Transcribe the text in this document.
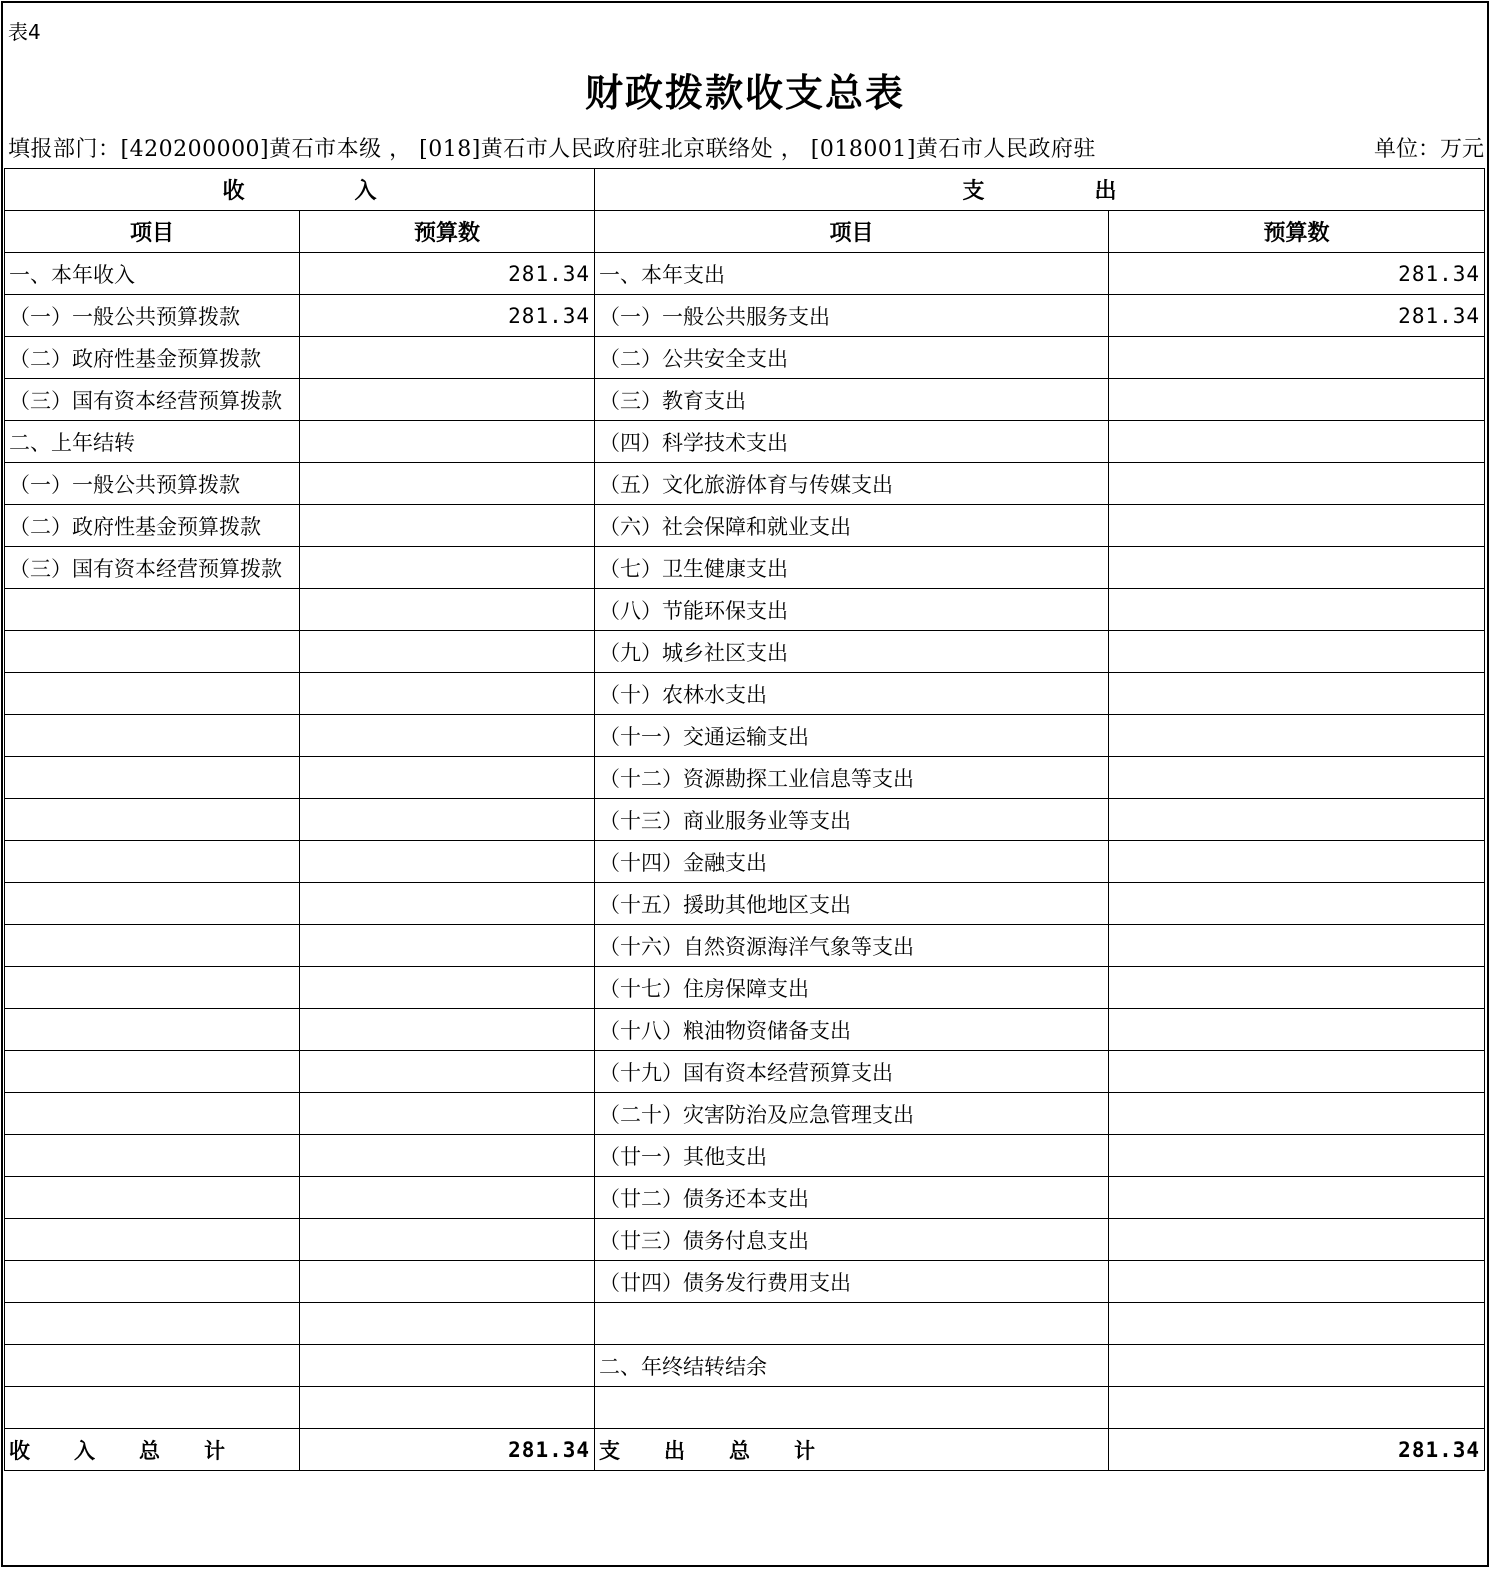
表4
财政拨款收支总表
填报部门：[420200000]黄石市本级 ， [018]黄石市人民政府驻北京联络处 ， [018001]黄石市人民政府驻	单位：万元
收　　　　　入		支　　　　　出	
项目	预算数	项目	预算数
一、本年收入	281.34	一、本年支出	281.34
（一）一般公共预算拨款	281.34	（一）一般公共服务支出	281.34
（二）政府性基金预算拨款		（二）公共安全支出	
（三）国有资本经营预算拨款		（三）教育支出	
二、上年结转		（四）科学技术支出	
（一）一般公共预算拨款		（五）文化旅游体育与传媒支出	
（二）政府性基金预算拨款		（六）社会保障和就业支出	
（三）国有资本经营预算拨款		（七）卫生健康支出	
		（八）节能环保支出	
		（九）城乡社区支出	
		（十）农林水支出	
		（十一）交通运输支出	
		（十二）资源勘探工业信息等支出	
		（十三）商业服务业等支出	
		（十四）金融支出	
		（十五）援助其他地区支出	
		（十六）自然资源海洋气象等支出	
		（十七）住房保障支出	
		（十八）粮油物资储备支出	
		（十九）国有资本经营预算支出	
		（二十）灾害防治及应急管理支出	
		（廿一）其他支出	
		（廿二）债务还本支出	
		（廿三）债务付息支出	
		（廿四）债务发行费用支出	

		二、年终结转结余	

收 入 总 计	281.34	支 出 总 计	281.34
